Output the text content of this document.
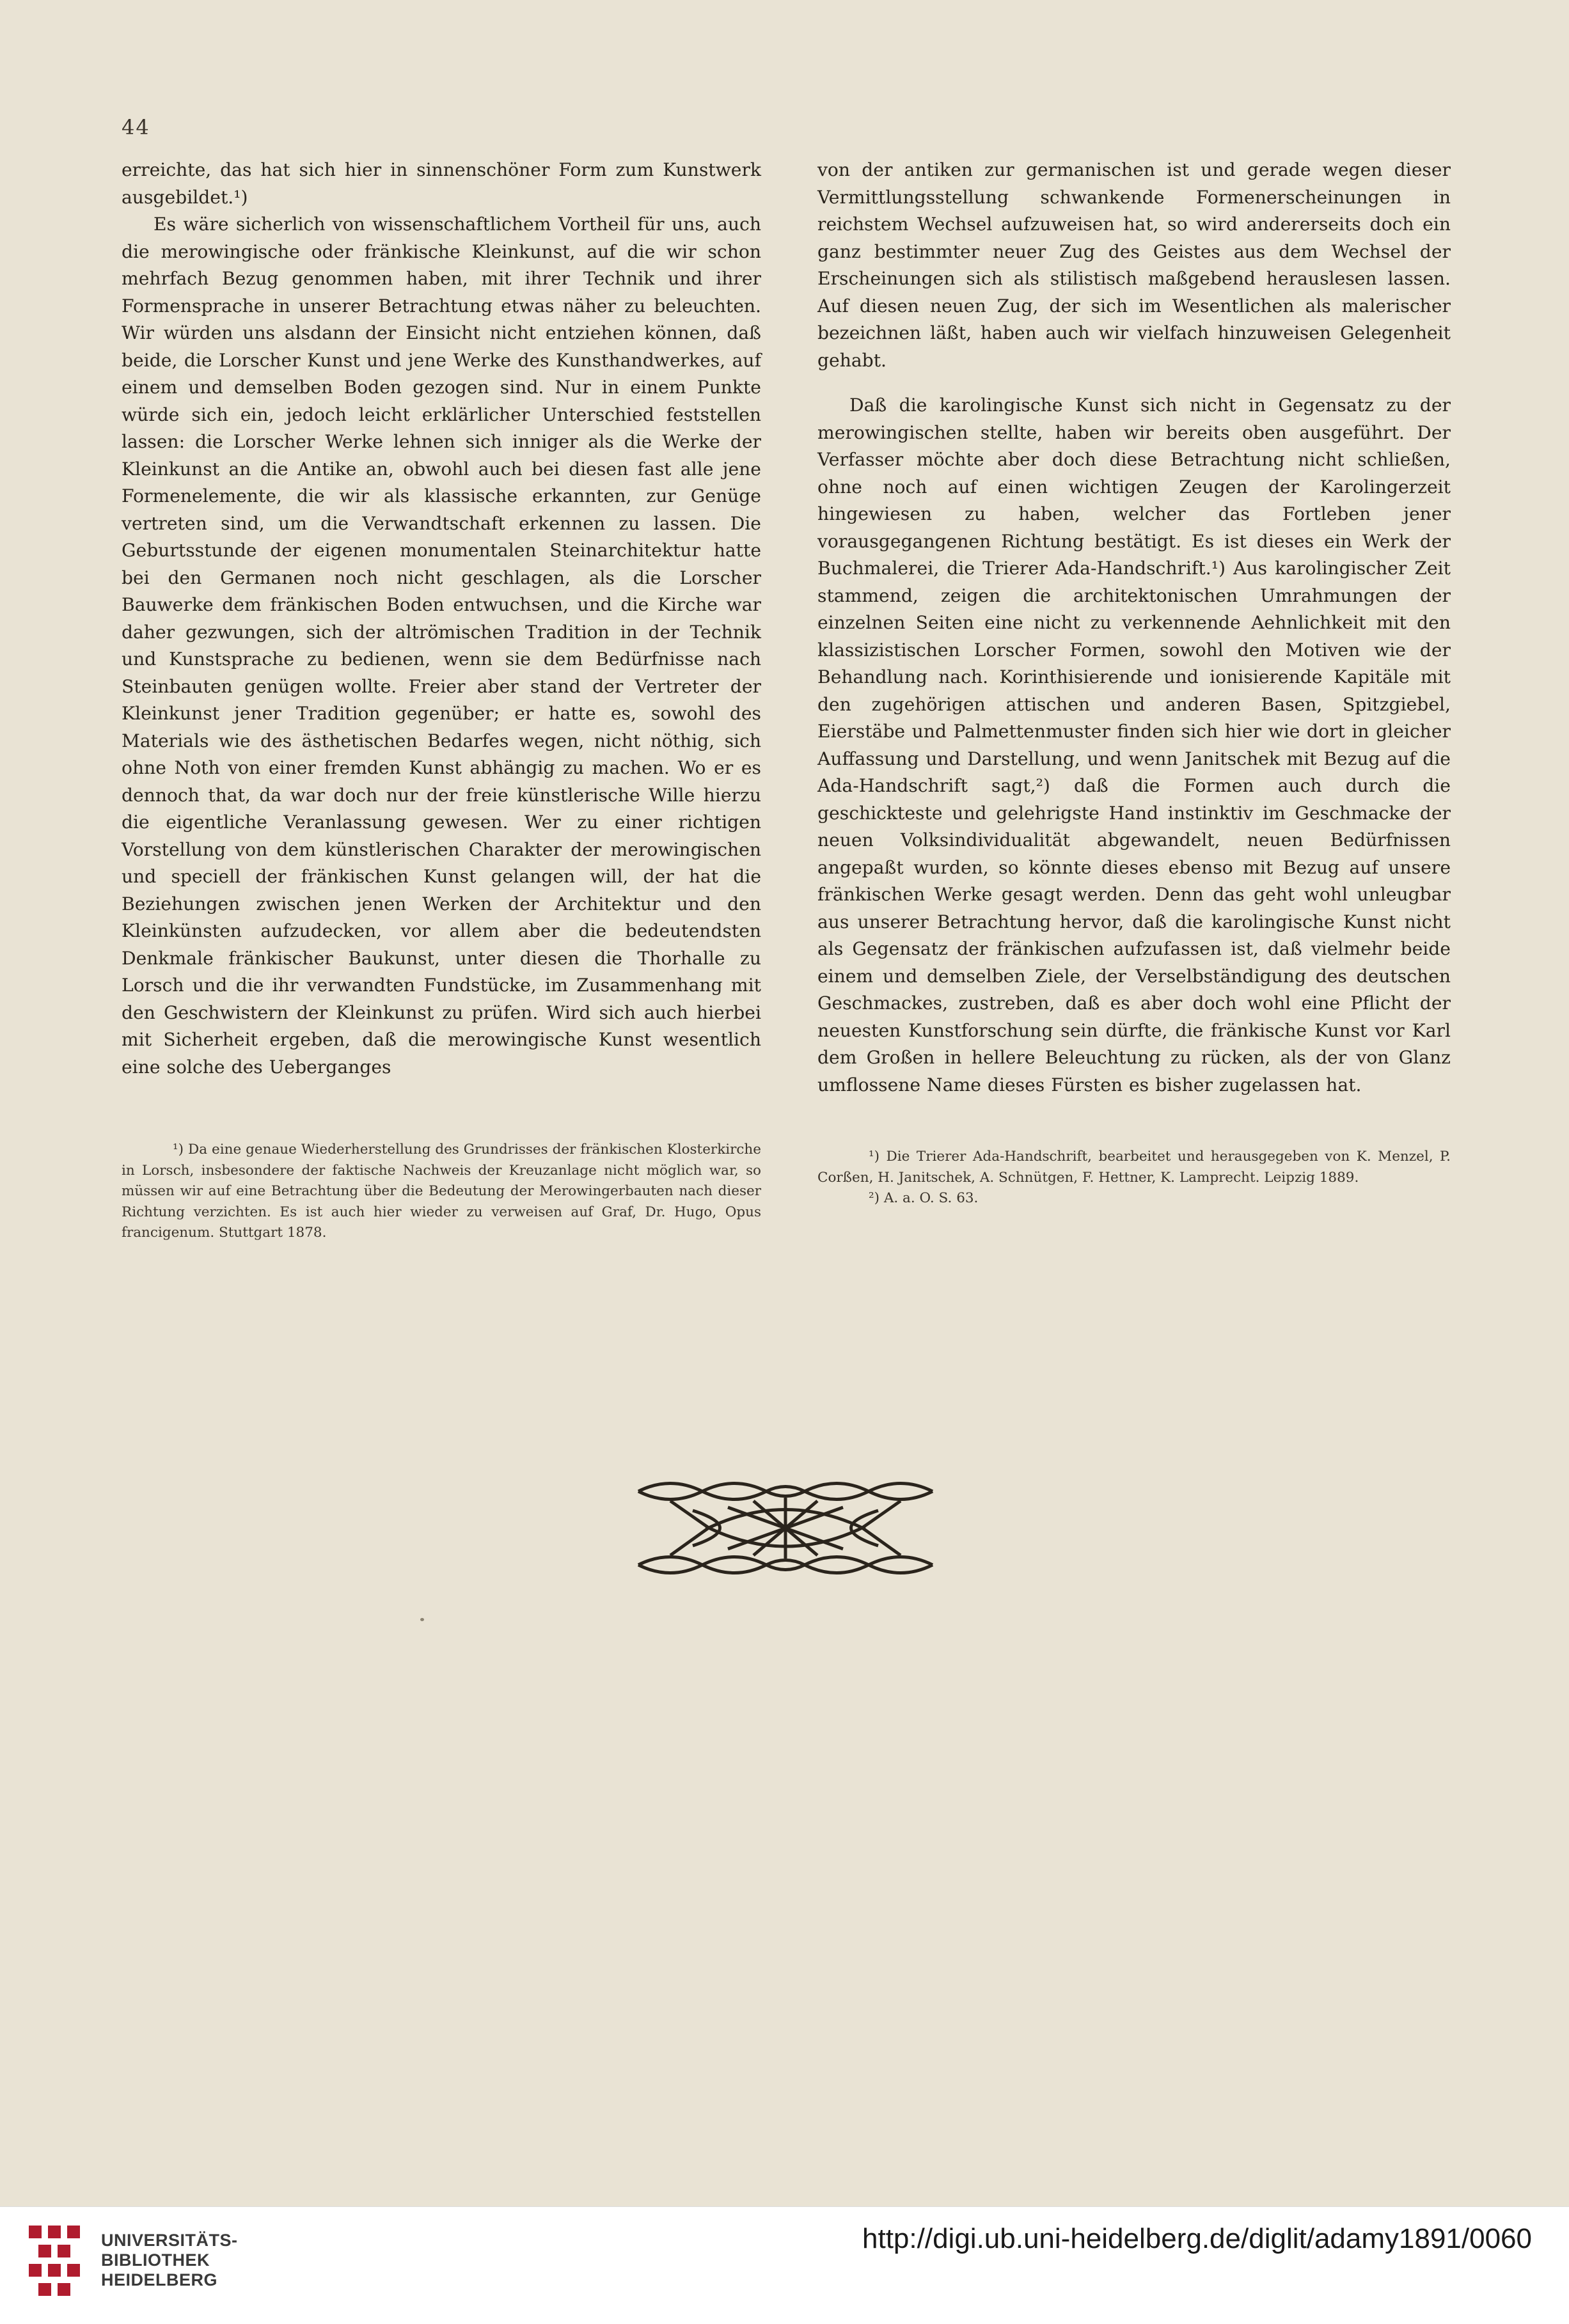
44

erreichte, das hat sich hier in sinnenschöner Form zum Kunstwerk ausgebildet.¹)

Es wäre sicherlich von wissenschaftlichem Vortheil für uns, auch die merowingische oder fränkische Kleinkunst, auf die wir schon mehrfach Bezug genommen haben, mit ihrer Technik und ihrer Formensprache in unserer Betrachtung etwas näher zu beleuchten. Wir würden uns alsdann der Einsicht nicht entziehen können, daß beide, die Lorscher Kunst und jene Werke des Kunsthandwerkes, auf einem und demselben Boden gezogen sind. Nur in einem Punkte würde sich ein, jedoch leicht erklärlicher Unterschied feststellen lassen: die Lorscher Werke lehnen sich inniger als die Werke der Kleinkunst an die Antike an, obwohl auch bei diesen fast alle jene Formenelemente, die wir als klassische erkannten, zur Genüge vertreten sind, um die Verwandtschaft erkennen zu lassen. Die Geburtsstunde der eigenen monumentalen Steinarchitektur hatte bei den Germanen noch nicht geschlagen, als die Lorscher Bauwerke dem fränkischen Boden entwuchsen, und die Kirche war daher gezwungen, sich der altrömischen Tradition in der Technik und Kunstsprache zu bedienen, wenn sie dem Bedürfnisse nach Steinbauten genügen wollte. Freier aber stand der Vertreter der Kleinkunst jener Tradition gegenüber; er hatte es, sowohl des Materials wie des ästhetischen Bedarfes wegen, nicht nöthig, sich ohne Noth von einer fremden Kunst abhängig zu machen. Wo er es dennoch that, da war doch nur der freie künstlerische Wille hierzu die eigentliche Veranlassung gewesen. Wer zu einer richtigen Vorstellung von dem künstlerischen Charakter der merowingischen und speciell der fränkischen Kunst gelangen will, der hat die Beziehungen zwischen jenen Werken der Architektur und den Kleinkünsten aufzudecken, vor allem aber die bedeutendsten Denkmale fränkischer Baukunst, unter diesen die Thorhalle zu Lorsch und die ihr verwandten Fundstücke, im Zusammenhang mit den Geschwistern der Kleinkunst zu prüfen. Wird sich auch hierbei mit Sicherheit ergeben, daß die merowingische Kunst wesentlich eine solche des Ueberganges

von der antiken zur germanischen ist und gerade wegen dieser Vermittlungsstellung schwankende Formenerscheinungen in reichstem Wechsel aufzuweisen hat, so wird andererseits doch ein ganz bestimmter neuer Zug des Geistes aus dem Wechsel der Erscheinungen sich als stilistisch maßgebend herauslesen lassen. Auf diesen neuen Zug, der sich im Wesentlichen als malerischer bezeichnen läßt, haben auch wir vielfach hinzuweisen Gelegenheit gehabt.

Daß die karolingische Kunst sich nicht in Gegensatz zu der merowingischen stellte, haben wir bereits oben ausgeführt. Der Verfasser möchte aber doch diese Betrachtung nicht schließen, ohne noch auf einen wichtigen Zeugen der Karolingerzeit hingewiesen zu haben, welcher das Fortleben jener vorausgegangenen Richtung bestätigt. Es ist dieses ein Werk der Buchmalerei, die Trierer Ada-Handschrift.¹) Aus karolingischer Zeit stammend, zeigen die architektonischen Umrahmungen der einzelnen Seiten eine nicht zu verkennende Aehnlichkeit mit den klassizistischen Lorscher Formen, sowohl den Motiven wie der Behandlung nach. Korinthisierende und ionisierende Kapitäle mit den zugehörigen attischen und anderen Basen, Spitzgiebel, Eierstäbe und Palmettenmuster finden sich hier wie dort in gleicher Auffassung und Darstellung, und wenn Janitschek mit Bezug auf die Ada-Handschrift sagt,²) daß die Formen auch durch die geschickteste und gelehrigste Hand instinktiv im Geschmacke der neuen Volksindividualität abgewandelt, neuen Bedürfnissen angepaßt wurden, so könnte dieses ebenso mit Bezug auf unsere fränkischen Werke gesagt werden. Denn das geht wohl unleugbar aus unserer Betrachtung hervor, daß die karolingische Kunst nicht als Gegensatz der fränkischen aufzufassen ist, daß vielmehr beide einem und demselben Ziele, der Verselbständigung des deutschen Geschmackes, zustreben, daß es aber doch wohl eine Pflicht der neuesten Kunstforschung sein dürfte, die fränkische Kunst vor Karl dem Großen in hellere Beleuchtung zu rücken, als der von Glanz umflossene Name dieses Fürsten es bisher zugelassen hat.

¹) Da eine genaue Wiederherstellung des Grundrisses der fränkischen Klosterkirche in Lorsch, insbesondere der faktische Nachweis der Kreuzanlage nicht möglich war, so müssen wir auf eine Betrachtung über die Bedeutung der Merowingerbauten nach dieser Richtung verzichten. Es ist auch hier wieder zu verweisen auf Graf, Dr. Hugo, Opus francigenum. Stuttgart 1878.

¹) Die Trierer Ada-Handschrift, bearbeitet und herausgegeben von K. Menzel, P. Corßen, H. Janitschek, A. Schnütgen, F. Hettner, K. Lamprecht. Leipzig 1889.

²) A. a. O. S. 63.

UNIVERSITÄTS-
BIBLIOTHEK
HEIDELBERG
http://digi.ub.uni-heidelberg.de/diglit/adamy1891/0060
